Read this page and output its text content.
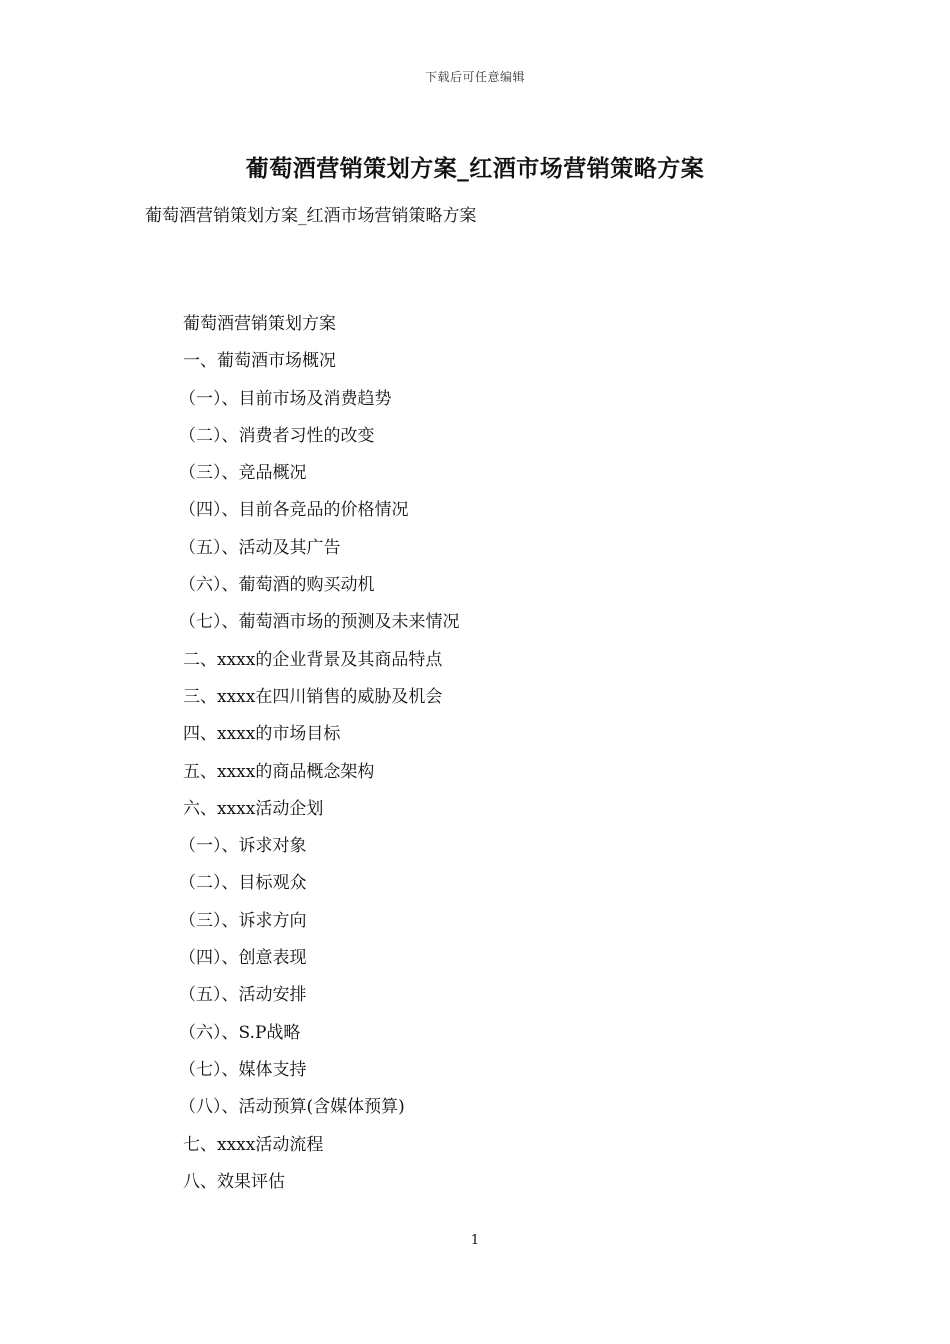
下载后可任意编辑
葡萄酒营销策划方案_红酒市场营销策略方案

葡萄酒营销策划方案_红酒市场营销策略方案

葡萄酒营销策划方案
一、葡萄酒市场概况
（一）、目前市场及消费趋势
（二）、消费者习性的改变
（三）、竞品概况
（四）、目前各竞品的价格情况
（五）、活动及其广告
（六）、葡萄酒的购买动机
（七）、葡萄酒市场的预测及未来情况
二、xxxx的企业背景及其商品特点
三、xxxx在四川销售的威胁及机会
四、xxxx的市场目标
五、xxxx的商品概念架构
六、xxxx活动企划
（一）、诉求对象
（二）、目标观众
（三）、诉求方向
（四）、创意表现
（五）、活动安排
（六）、S.P战略
（七）、媒体支持
（八）、活动预算(含媒体预算)
七、xxxx活动流程
八、效果评估
1
